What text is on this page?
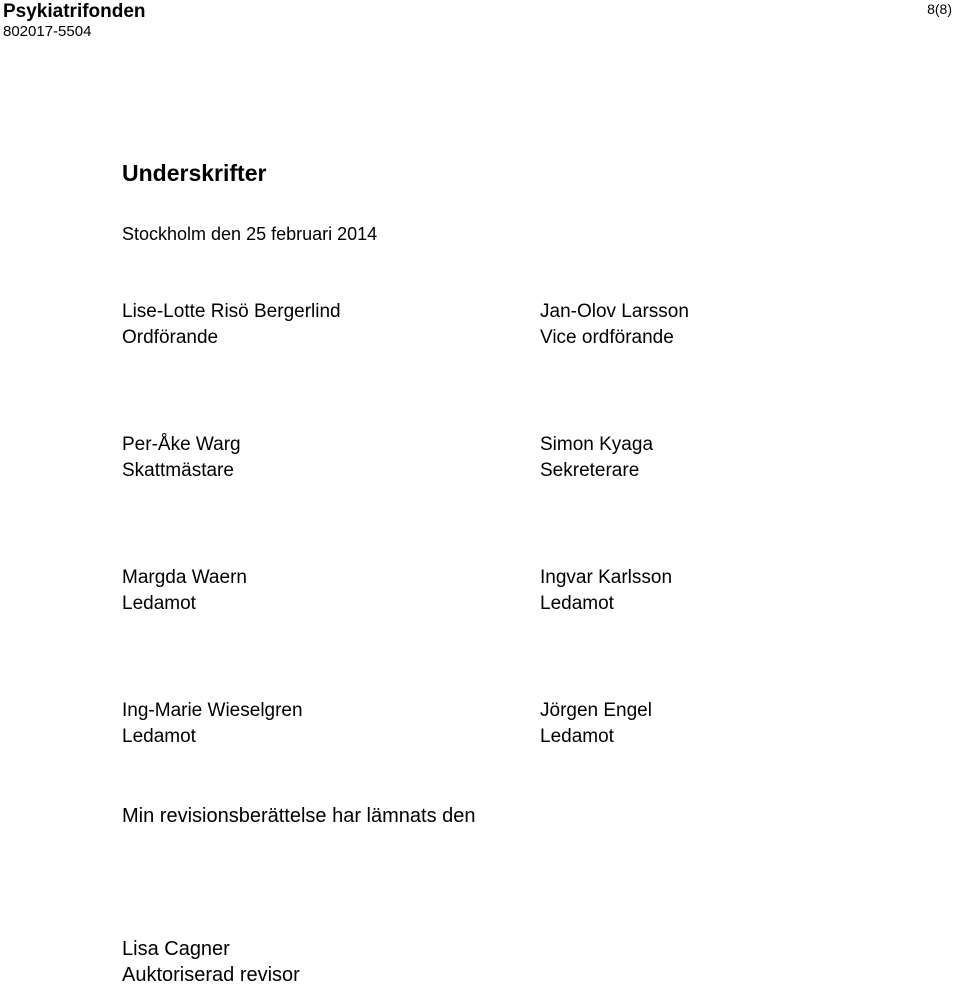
Psykiatrifonden
802017-5504
8(8)
Underskrifter
Stockholm den 25 februari 2014
Lise-Lotte Risö Bergerlind
Ordförande
Jan-Olov Larsson
Vice ordförande
Per-Åke Warg
Skattmästare
Simon Kyaga
Sekreterare
Margda Waern
Ledamot
Ingvar Karlsson
Ledamot
Ing-Marie Wieselgren
Ledamot
Jörgen Engel
Ledamot
Min revisionsberättelse har lämnats den
Lisa Cagner
Auktoriserad revisor
